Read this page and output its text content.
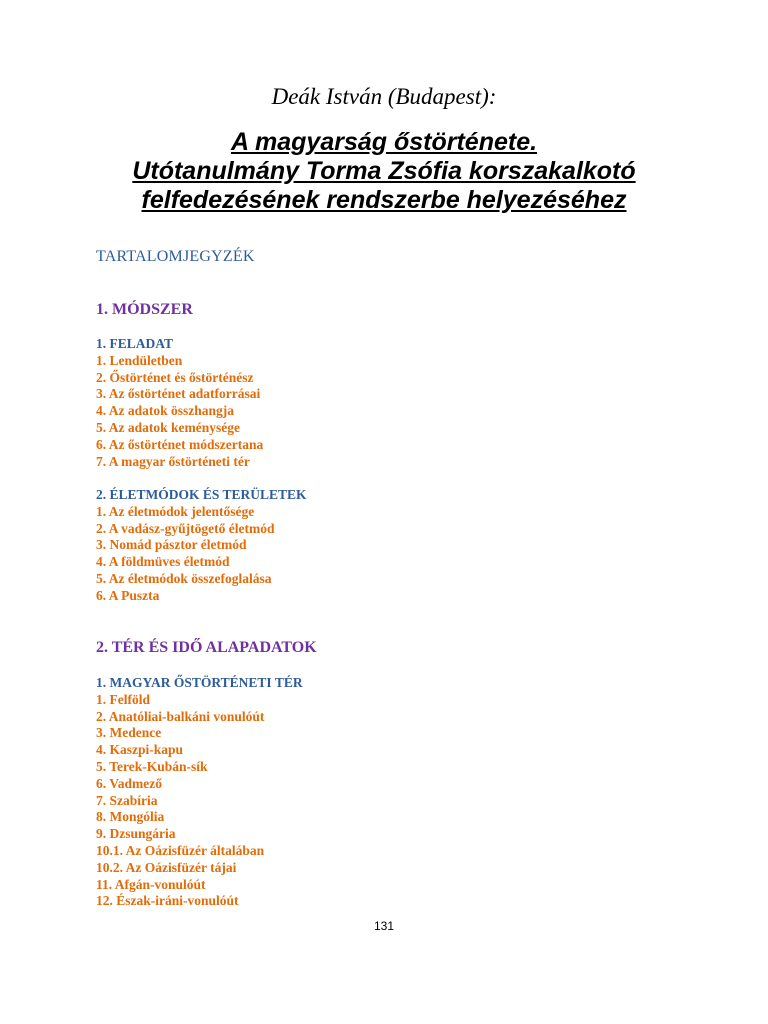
Deák István (Budapest):
A magyarság őstörténete.
Utótanulmány Torma Zsófia korszakalkotó
felfedezésének rendszerbe helyezéséhez
TARTALOMJEGYZÉK
1. MÓDSZER
1. FELADAT
1. Lendületben
2. Őstörténet és őstörténész
3. Az őstörténet adatforrásai
4. Az adatok összhangja
5. Az adatok keménysége
6. Az őstörténet módszertana
7. A magyar őstörténeti tér
2. ÉLETMÓDOK ÉS TERÜLETEK
1. Az életmódok jelentősége
2. A vadász-gyűjtögető életmód
3. Nomád pásztor életmód
4. A földmüves életmód
5. Az életmódok összefoglalása
6. A Puszta
2. TÉR ÉS IDŐ ALAPADATOK
1. MAGYAR ŐSTÖRTÉNETI TÉR
1. Felföld
2. Anatóliai-balkáni vonulóút
3. Medence
4. Kaszpi-kapu
5. Terek-Kubán-sík
6. Vadmező
7. Szabíria
8. Mongólia
9. Dzsungária
10.1. Az Oázisfüzér általában
10.2. Az Oázisfüzér tájai
11. Afgán-vonulóút
12. Észak-iráni-vonulóút
131
